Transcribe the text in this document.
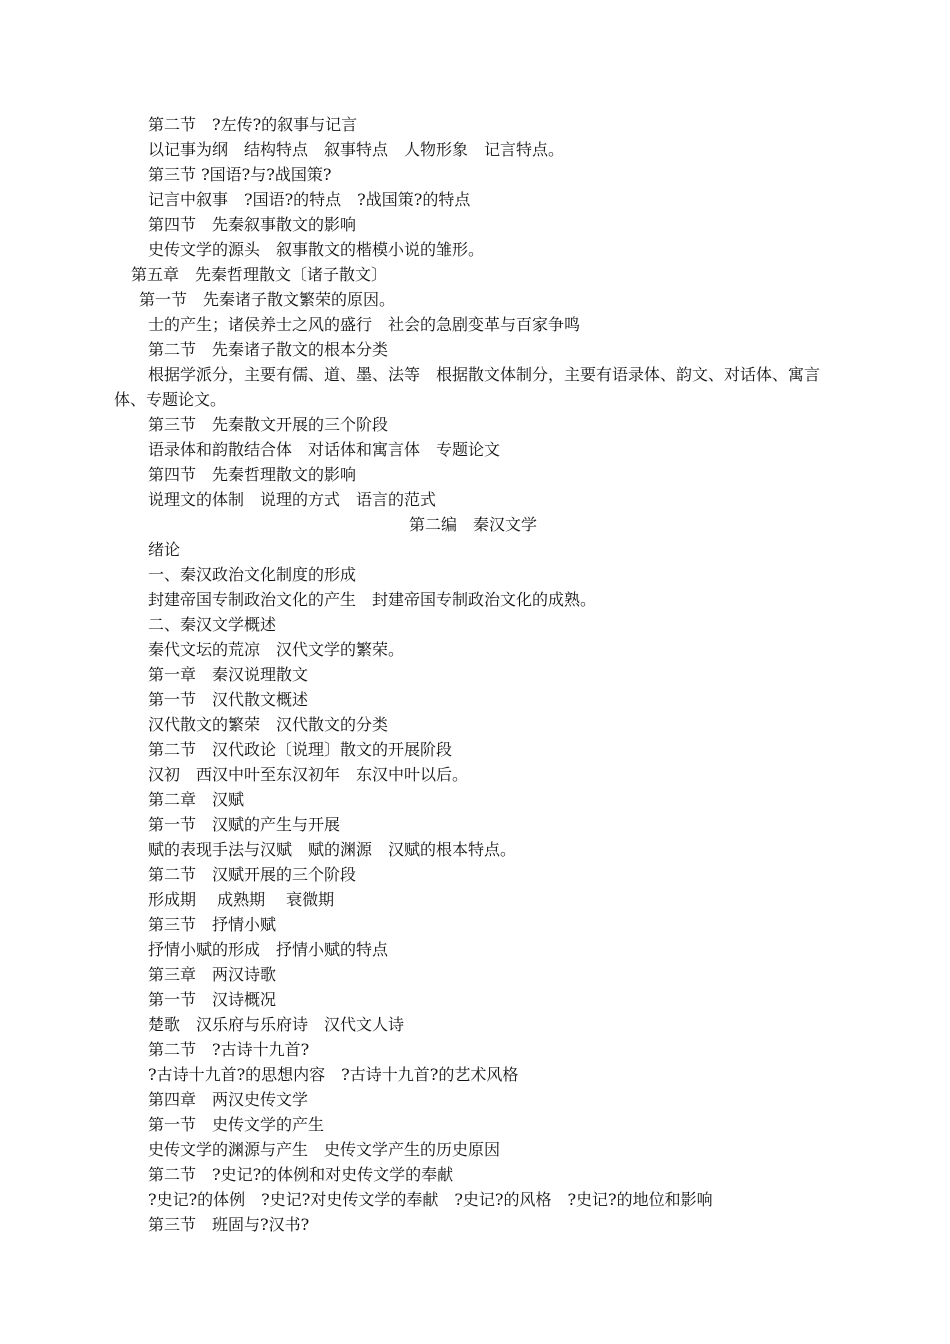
第二节　?左传?的叙事与记言
以记事为纲　结构特点　叙事特点　人物形象　记言特点。
第三节 ?国语?与?战国策?
记言中叙事　?国语?的特点　?战国策?的特点
第四节　先秦叙事散文的影响
史传文学的源头　叙事散文的楷模小说的雏形。
第五章　先秦哲理散文〔诸子散文〕
第一节　先秦诸子散文繁荣的原因。
士的产生；诸侯养士之风的盛行　社会的急剧变革与百家争鸣
第二节　先秦诸子散文的根本分类
根据学派分，主要有儒、道、墨、法等　根据散文体制分，主要有语录体、韵文、对话体、寓言体、专题论文。
第三节　先秦散文开展的三个阶段
语录体和韵散结合体　对话体和寓言体　专题论文
第四节　先秦哲理散文的影响
说理文的体制　说理的方式　语言的范式
第二编　秦汉文学
绪论
一、秦汉政治文化制度的形成
封建帝国专制政治文化的产生　封建帝国专制政治文化的成熟。
二、秦汉文学概述
秦代文坛的荒凉　汉代文学的繁荣。
第一章　秦汉说理散文
第一节　汉代散文概述
汉代散文的繁荣　汉代散文的分类
第二节　汉代政论〔说理〕散文的开展阶段
汉初　西汉中叶至东汉初年　东汉中叶以后。
第二章　汉赋
第一节　汉赋的产生与开展
赋的表现手法与汉赋　赋的渊源　汉赋的根本特点。
第二节　汉赋开展的三个阶段
形成期　 成熟期　 衰微期
第三节　抒情小赋
抒情小赋的形成　抒情小赋的特点
第三章　两汉诗歌
第一节　汉诗概况
楚歌　汉乐府与乐府诗　汉代文人诗
第二节　?古诗十九首?
?古诗十九首?的思想内容　?古诗十九首?的艺术风格
第四章　两汉史传文学
第一节　史传文学的产生
史传文学的渊源与产生　史传文学产生的历史原因
第二节　?史记?的体例和对史传文学的奉献
?史记?的体例　?史记?对史传文学的奉献　?史记?的风格　?史记?的地位和影响
第三节　班固与?汉书?
